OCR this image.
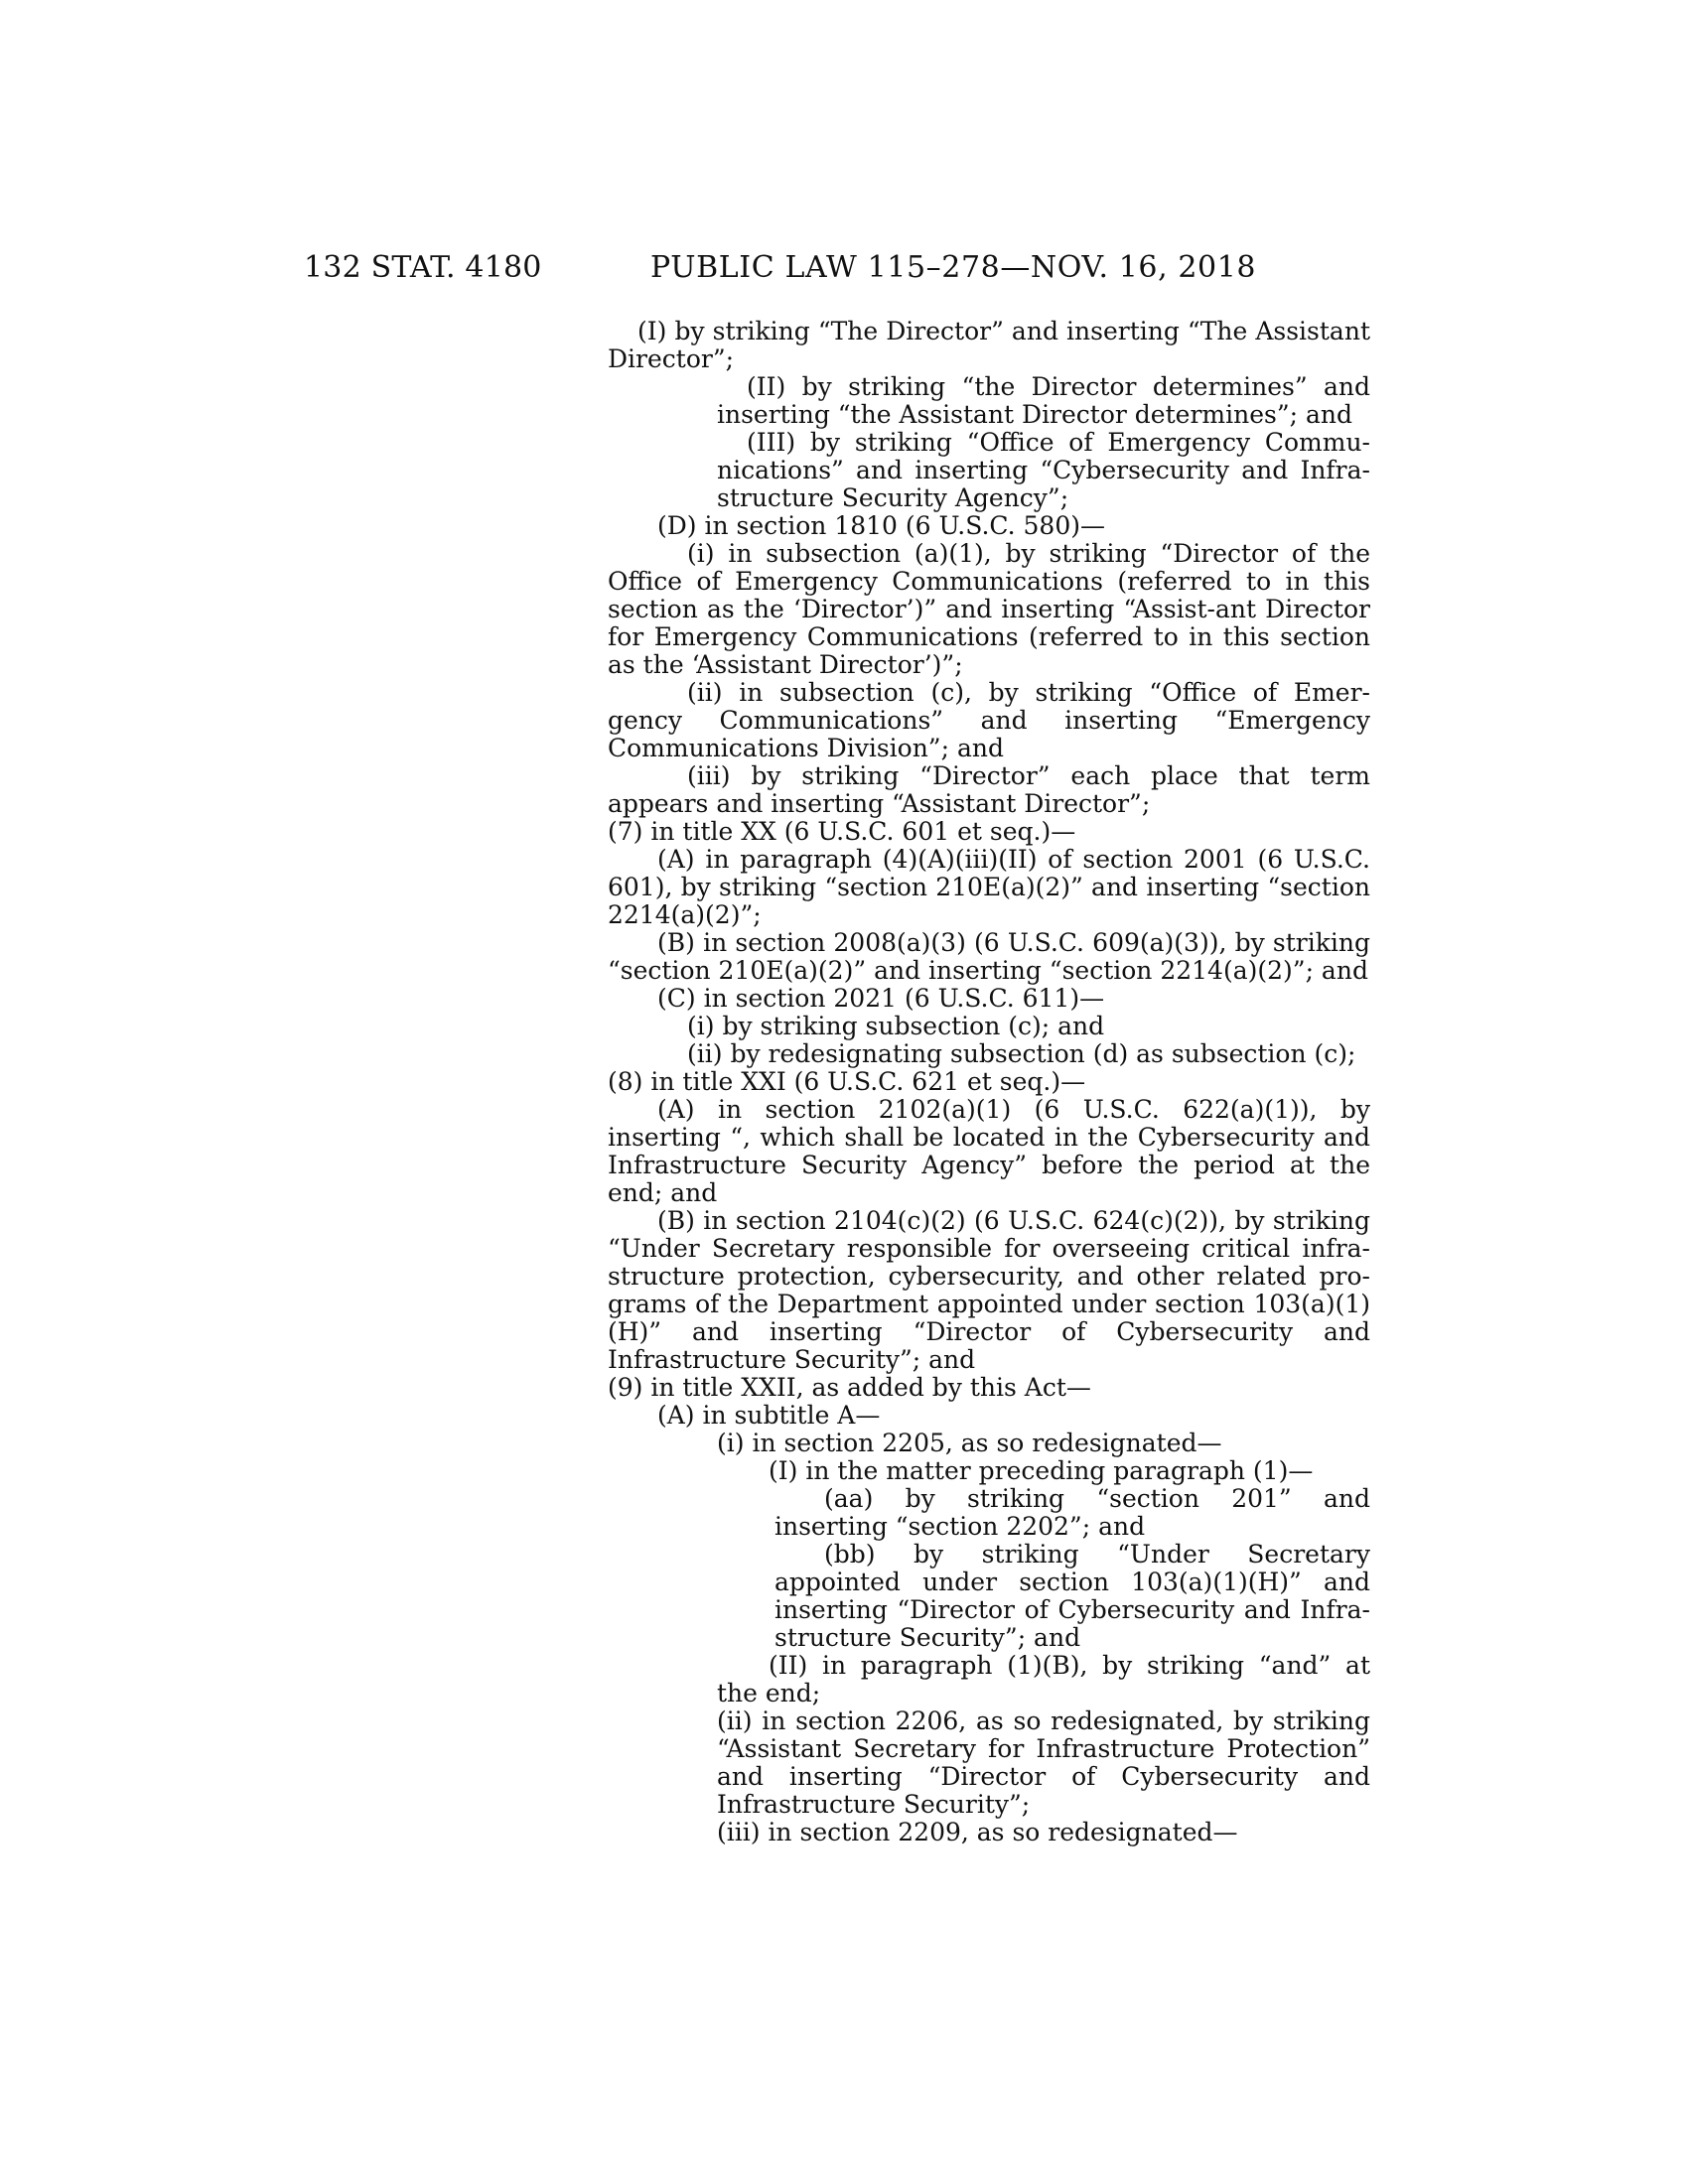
132 STAT. 4180	PUBLIC LAW 115–278—NOV. 16, 2018

(I) by striking “The Director” and inserting “The Assistant Director”;

(II) by striking “the Director determines” and inserting “the Assistant Director determines”; and

(III) by striking “Office of Emergency Commu-nications” and inserting “Cybersecurity and Infra-structure Security Agency”;

(D) in section 1810 (6 U.S.C. 580)—

(i) in subsection (a)(1), by striking “Director of the Office of Emergency Communications (referred to in this section as the ‘Director’)” and inserting “Assist-ant Director for Emergency Communications (referred to in this section as the ‘Assistant Director’)”;

(ii) in subsection (c), by striking “Office of Emer-gency Communications” and inserting “Emergency Communications Division”; and

(iii) by striking “Director” each place that term appears and inserting “Assistant Director”;

(7) in title XX (6 U.S.C. 601 et seq.)—

(A) in paragraph (4)(A)(iii)(II) of section 2001 (6 U.S.C. 601), by striking “section 210E(a)(2)” and inserting “section 2214(a)(2)”;

(B) in section 2008(a)(3) (6 U.S.C. 609(a)(3)), by striking “section 210E(a)(2)” and inserting “section 2214(a)(2)”; and

(C) in section 2021 (6 U.S.C. 611)—

(i) by striking subsection (c); and

(ii) by redesignating subsection (d) as subsection (c);

(8) in title XXI (6 U.S.C. 621 et seq.)—

(A) in section 2102(a)(1) (6 U.S.C. 622(a)(1)), by inserting “, which shall be located in the Cybersecurity and Infrastructure Security Agency” before the period at the end; and

(B) in section 2104(c)(2) (6 U.S.C. 624(c)(2)), by striking “Under Secretary responsible for overseeing critical infra-structure protection, cybersecurity, and other related pro-grams of the Department appointed under section 103(a)(1)(H)” and inserting “Director of Cybersecurity and Infrastructure Security”; and

(9) in title XXII, as added by this Act—

(A) in subtitle A—

(i) in section 2205, as so redesignated—

(I) in the matter preceding paragraph (1)—

(aa) by striking “section 201” and inserting “section 2202”; and

(bb) by striking “Under Secretary appointed under section 103(a)(1)(H)” and inserting “Director of Cybersecurity and Infra-structure Security”; and

(II) in paragraph (1)(B), by striking “and” at the end;

(ii) in section 2206, as so redesignated, by striking “Assistant Secretary for Infrastructure Protection” and inserting “Director of Cybersecurity and Infrastructure Security”;

(iii) in section 2209, as so redesignated—
